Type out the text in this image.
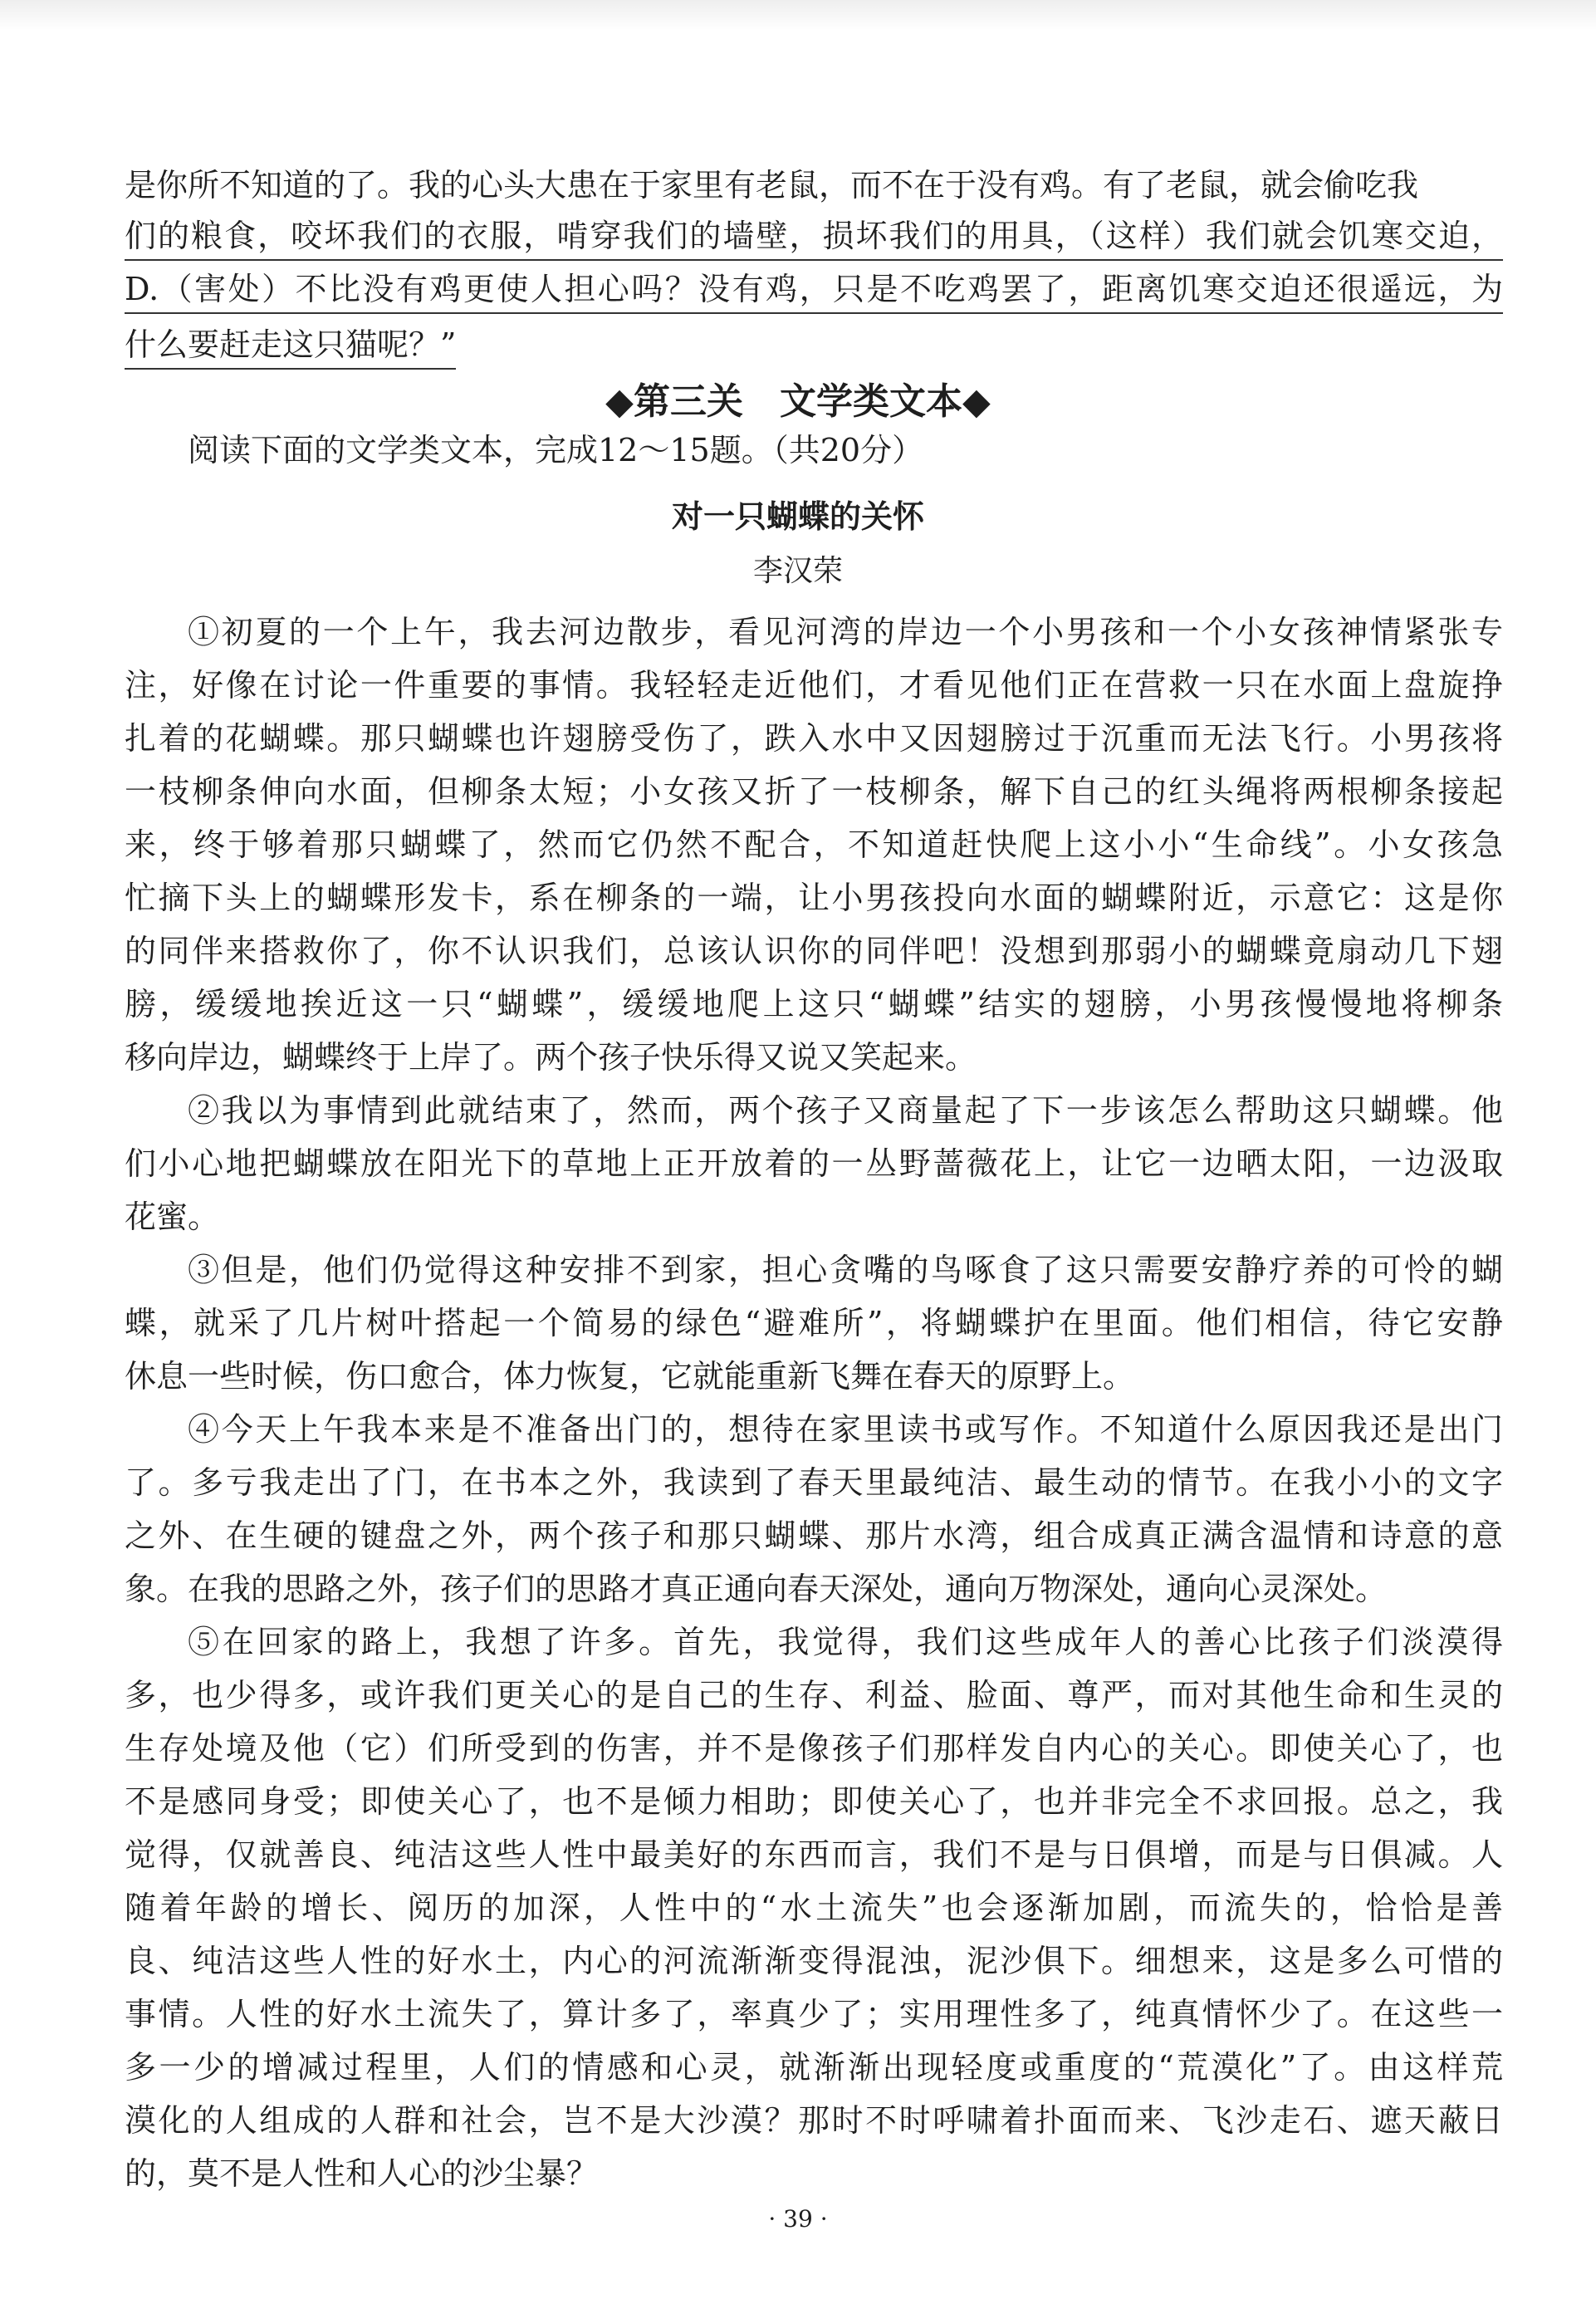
是你所不知道的了。我的心头大患在于家里有老鼠，而不在于没有鸡。有了老鼠，就会偷吃我
们的粮食，咬坏我们的衣服，啃穿我们的墙壁，损坏我们的用具，（这样）我们就会饥寒交迫，
D.（害处）不比没有鸡更使人担心吗？没有鸡，只是不吃鸡罢了，距离饥寒交迫还很遥远，为
什么要赶走这只猫呢？”
◆第三关　文学类文本◆
阅读下面的文学类文本，完成12～15题。（共20分）
对一只蝴蝶的关怀
李汉荣
①初夏的一个上午，我去河边散步，看见河湾的岸边一个小男孩和一个小女孩神情紧张专
注，好像在讨论一件重要的事情。我轻轻走近他们，才看见他们正在营救一只在水面上盘旋挣
扎着的花蝴蝶。那只蝴蝶也许翅膀受伤了，跌入水中又因翅膀过于沉重而无法飞行。小男孩将
一枝柳条伸向水面，但柳条太短；小女孩又折了一枝柳条，解下自己的红头绳将两根柳条接起
来，终于够着那只蝴蝶了，然而它仍然不配合，不知道赶快爬上这小小“生命线”。小女孩急
忙摘下头上的蝴蝶形发卡，系在柳条的一端，让小男孩投向水面的蝴蝶附近，示意它：这是你
的同伴来搭救你了，你不认识我们，总该认识你的同伴吧！没想到那弱小的蝴蝶竟扇动几下翅
膀，缓缓地挨近这一只“蝴蝶”，缓缓地爬上这只“蝴蝶”结实的翅膀，小男孩慢慢地将柳条
移向岸边，蝴蝶终于上岸了。两个孩子快乐得又说又笑起来。
②我以为事情到此就结束了，然而，两个孩子又商量起了下一步该怎么帮助这只蝴蝶。他
们小心地把蝴蝶放在阳光下的草地上正开放着的一丛野蔷薇花上，让它一边晒太阳，一边汲取
花蜜。
③但是，他们仍觉得这种安排不到家，担心贪嘴的鸟啄食了这只需要安静疗养的可怜的蝴
蝶，就采了几片树叶搭起一个简易的绿色“避难所”，将蝴蝶护在里面。他们相信，待它安静
休息一些时候，伤口愈合，体力恢复，它就能重新飞舞在春天的原野上。
④今天上午我本来是不准备出门的，想待在家里读书或写作。不知道什么原因我还是出门
了。多亏我走出了门，在书本之外，我读到了春天里最纯洁、最生动的情节。在我小小的文字
之外、在生硬的键盘之外，两个孩子和那只蝴蝶、那片水湾，组合成真正满含温情和诗意的意
象。在我的思路之外，孩子们的思路才真正通向春天深处，通向万物深处，通向心灵深处。
⑤在回家的路上，我想了许多。首先，我觉得，我们这些成年人的善心比孩子们淡漠得
多，也少得多，或许我们更关心的是自己的生存、利益、脸面、尊严，而对其他生命和生灵的
生存处境及他（它）们所受到的伤害，并不是像孩子们那样发自内心的关心。即使关心了，也
不是感同身受；即使关心了，也不是倾力相助；即使关心了，也并非完全不求回报。总之，我
觉得，仅就善良、纯洁这些人性中最美好的东西而言，我们不是与日俱增，而是与日俱减。人
随着年龄的增长、阅历的加深，人性中的“水土流失”也会逐渐加剧，而流失的，恰恰是善
良、纯洁这些人性的好水土，内心的河流渐渐变得混浊，泥沙俱下。细想来，这是多么可惜的
事情。人性的好水土流失了，算计多了，率真少了；实用理性多了，纯真情怀少了。在这些一
多一少的增减过程里，人们的情感和心灵，就渐渐出现轻度或重度的“荒漠化”了。由这样荒
漠化的人组成的人群和社会，岂不是大沙漠？那时不时呼啸着扑面而来、飞沙走石、遮天蔽日
的，莫不是人性和人心的沙尘暴？
· 39 ·
